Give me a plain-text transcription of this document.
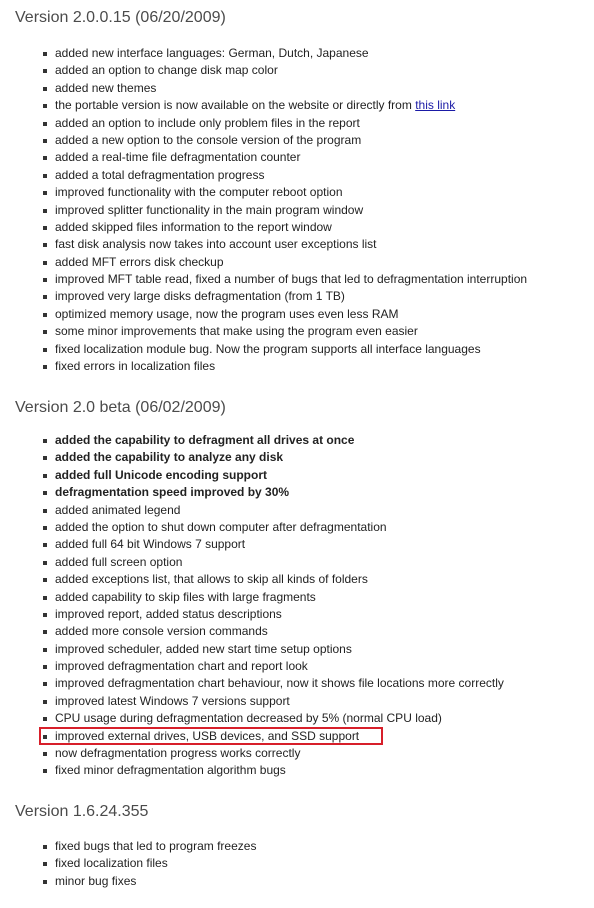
Version 2.0.0.15 (06/20/2009)
added new interface languages: German, Dutch, Japanese
added an option to change disk map color
added new themes
the portable version is now available on the website or directly from this link
added an option to include only problem files in the report
added a new option to the console version of the program
added a real-time file defragmentation counter
added a total defragmentation progress
improved functionality with the computer reboot option
improved splitter functionality in the main program window
added skipped files information to the report window
fast disk analysis now takes into account user exceptions list
added MFT errors disk checkup
improved MFT table read, fixed a number of bugs that led to defragmentation interruption
improved very large disks defragmentation (from 1 TB)
optimized memory usage, now the program uses even less RAM
some minor improvements that make using the program even easier
fixed localization module bug. Now the program supports all interface languages
fixed errors in localization files
Version 2.0 beta (06/02/2009)
added the capability to defragment all drives at once
added the capability to analyze any disk
added full Unicode encoding support
defragmentation speed improved by 30%
added animated legend
added the option to shut down computer after defragmentation
added full 64 bit Windows 7 support
added full screen option
added exceptions list, that allows to skip all kinds of folders
added capability to skip files with large fragments
improved report, added status descriptions
added more console version commands
improved scheduler, added new start time setup options
improved defragmentation chart and report look
improved defragmentation chart behaviour, now it shows file locations more correctly
improved latest Windows 7 versions support
CPU usage during defragmentation decreased by 5% (normal CPU load)
improved external drives, USB devices, and SSD support
now defragmentation progress works correctly
fixed minor defragmentation algorithm bugs
Version 1.6.24.355
fixed bugs that led to program freezes
fixed localization files
minor bug fixes
